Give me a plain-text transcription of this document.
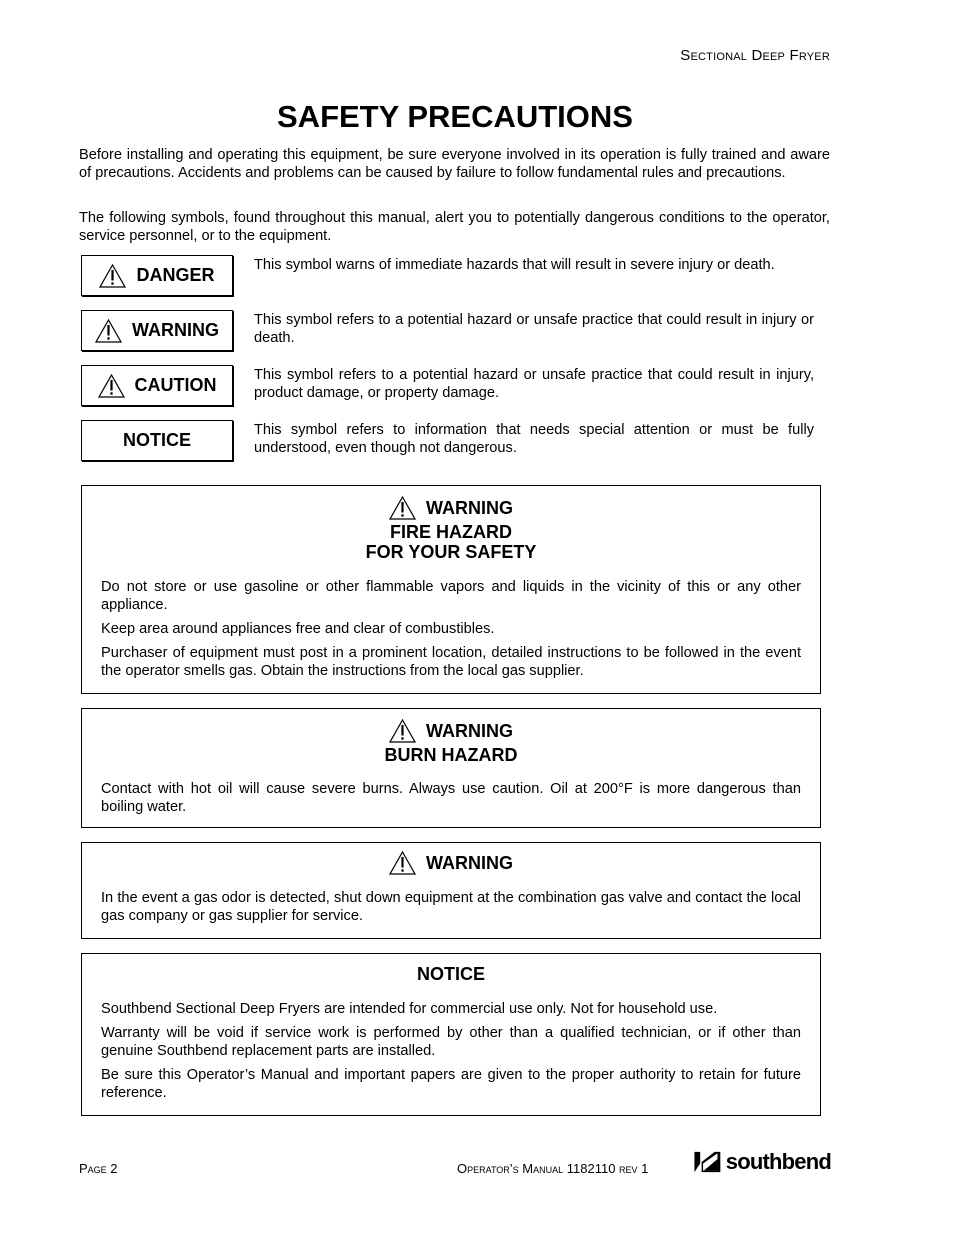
Sectional Deep Fryer
SAFETY PRECAUTIONS

Before installing and operating this equipment, be sure everyone involved in its operation is fully trained and aware of precautions. Accidents and problems can be caused by failure to follow fundamental rules and precautions.

The following symbols, found throughout this manual, alert you to potentially dangerous conditions to the operator, service personnel, or to the equipment.

DANGER	This symbol warns of immediate hazards that will result in severe injury or death.
WARNING This symbol refers to a potential hazard or unsafe practice that could result in injury or death.
CAUTION	This symbol refers to a potential hazard or unsafe practice that could result in injury, product damage, or property damage.
NOTICE	This symbol refers to information that needs special attention or must be fully understood, even though not dangerous.
WARNING
FIRE HAZARD
FOR YOUR SAFETY

Do not store or use gasoline or other flammable vapors and liquids in the vicinity of this or any other appliance.

Keep area around appliances free and clear of combustibles.

Purchaser of equipment must post in a prominent location, detailed instructions to be followed in the event the operator smells gas. Obtain the instructions from the local gas supplier.

WARNING
BURN HAZARD

Contact with hot oil will cause severe burns. Always use caution. Oil at 200°F is more dangerous than boiling water.

WARNING

In the event a gas odor is detected, shut down equipment at the combination gas valve and contact the local gas company or gas supplier for service.

NOTICE

Southbend Sectional Deep Fryers are intended for commercial use only. Not for household use.

Warranty will be void if service work is performed by other than a qualified technician, or if other than genuine Southbend replacement parts are installed.

Be sure this Operator’s Manual and important papers are given to the proper authority to retain for future reference.

Page 2	Operator’s Manual 1182110 rev 1	southbend
